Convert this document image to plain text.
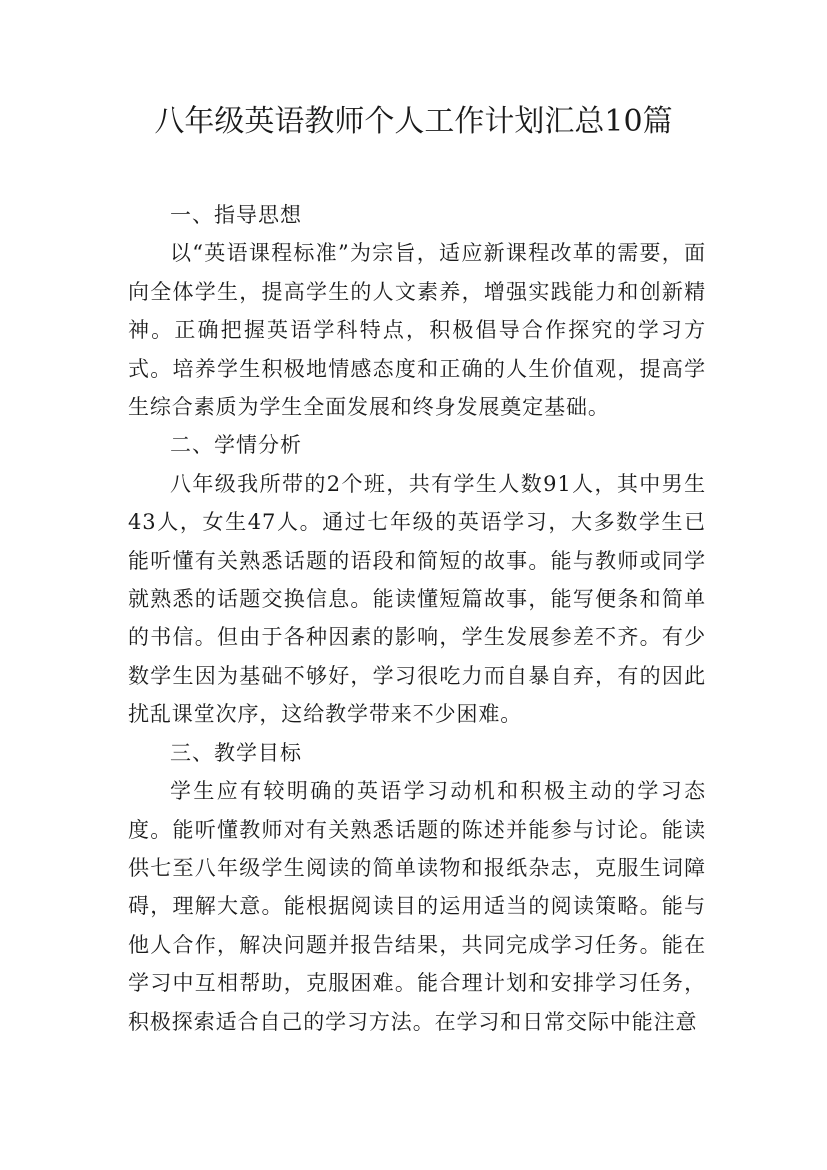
八年级英语教师个人工作计划汇总10篇

一、指导思想

以“英语课程标准”为宗旨，适应新课程改革的需要，面向全体学生，提高学生的人文素养，增强实践能力和创新精神。正确把握英语学科特点，积极倡导合作探究的学习方式。培养学生积极地情感态度和正确的人生价值观，提高学生综合素质为学生全面发展和终身发展奠定基础。

二、学情分析

八年级我所带的2个班，共有学生人数91人，其中男生43人，女生47人。通过七年级的英语学习，大多数学生已能听懂有关熟悉话题的语段和简短的故事。能与教师或同学就熟悉的话题交换信息。能读懂短篇故事，能写便条和简单的书信。但由于各种因素的影响，学生发展参差不齐。有少数学生因为基础不够好，学习很吃力而自暴自弃，有的因此扰乱课堂次序，这给教学带来不少困难。

三、教学目标

学生应有较明确的英语学习动机和积极主动的学习态度。能听懂教师对有关熟悉话题的陈述并能参与讨论。能读供七至八年级学生阅读的简单读物和报纸杂志，克服生词障碍，理解大意。能根据阅读目的运用适当的阅读策略。能与他人合作，解决问题并报告结果，共同完成学习任务。能在学习中互相帮助，克服困难。能合理计划和安排学习任务，积极探索适合自己的学习方法。在学习和日常交际中能注意
